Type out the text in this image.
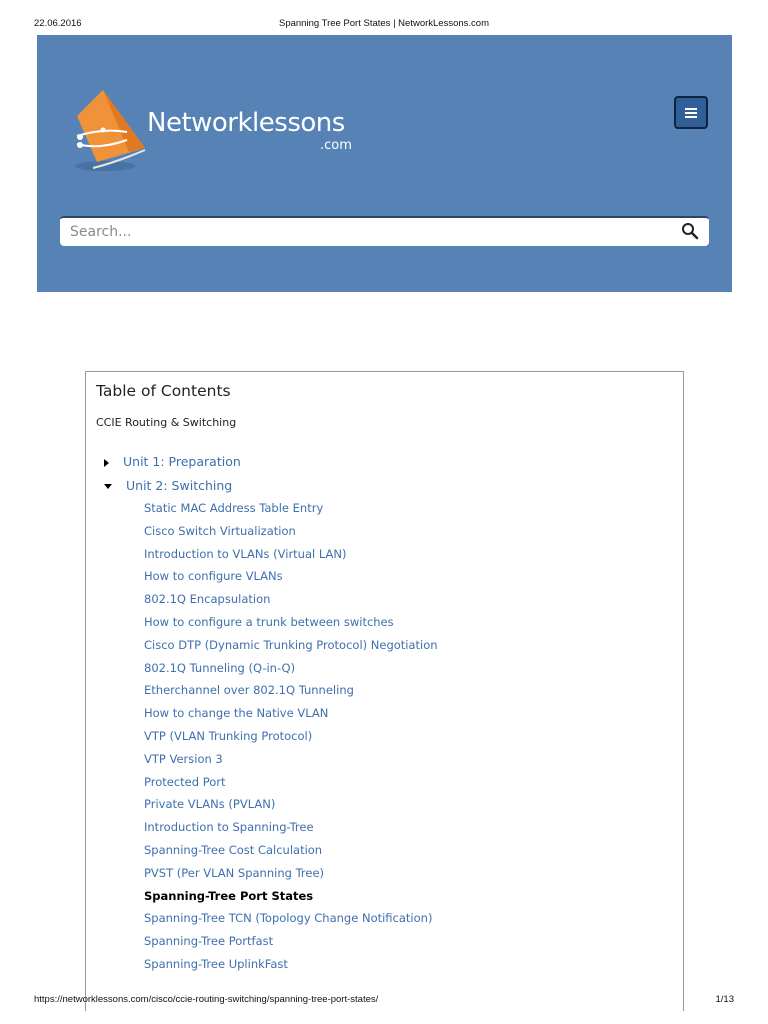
22.06.2016	Spanning Tree Port States | NetworkLessons.com
Networklessons
.com
Search...
Table of Contents
CCIE Routing & Switching
Unit 1: Preparation
Unit 2: Switching
Static MAC Address Table Entry
Cisco Switch Virtualization
Introduction to VLANs (Virtual LAN)
How to configure VLANs
802.1Q Encapsulation
How to configure a trunk between switches
Cisco DTP (Dynamic Trunking Protocol) Negotiation
802.1Q Tunneling (Q-in-Q)
Etherchannel over 802.1Q Tunneling
How to change the Native VLAN
VTP (VLAN Trunking Protocol)
VTP Version 3
Protected Port
Private VLANs (PVLAN)
Introduction to Spanning-Tree
Spanning-Tree Cost Calculation
PVST (Per VLAN Spanning Tree)
Spanning-Tree Port States
Spanning-Tree TCN (Topology Change Notification)
Spanning-Tree Portfast
Spanning-Tree UplinkFast
https://networklessons.com/cisco/ccie-routing-switching/spanning-tree-port-states/	1/13
